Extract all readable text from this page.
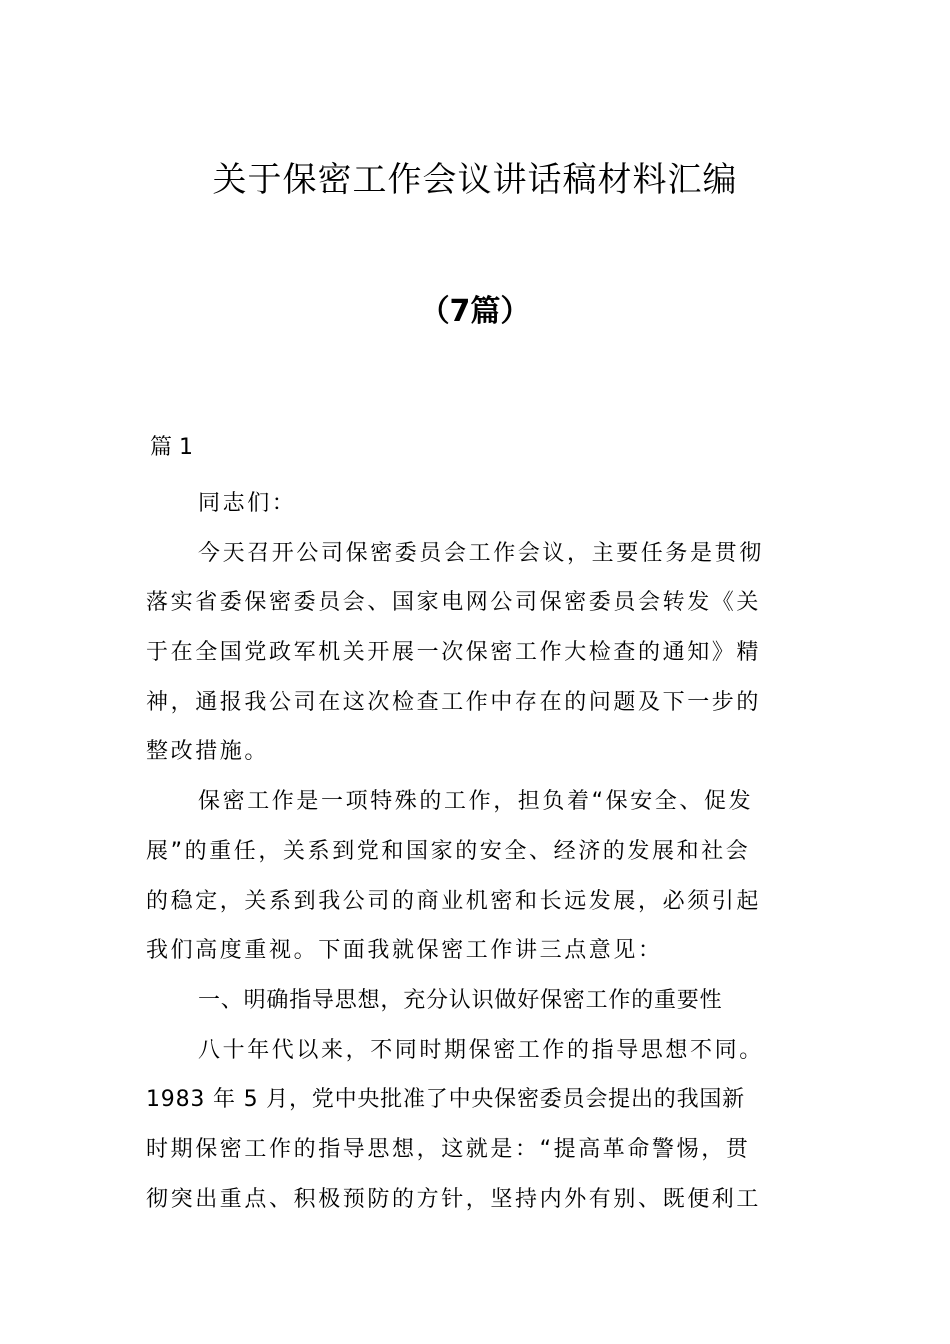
关于保密工作会议讲话稿材料汇编
（7篇）
篇 1
同志们：
今天召开公司保密委员会工作会议，主要任务是贯彻
落实省委保密委员会、国家电网公司保密委员会转发《关
于在全国党政军机关开展一次保密工作大检查的通知》精
神，通报我公司在这次检查工作中存在的问题及下一步的
整改措施。
保密工作是一项特殊的工作，担负着“保安全、促发
展”的重任，关系到党和国家的安全、经济的发展和社会
的稳定，关系到我公司的商业机密和长远发展，必须引起
我们高度重视。下面我就保密工作讲三点意见：
一、明确指导思想，充分认识做好保密工作的重要性
八十年代以来，不同时期保密工作的指导思想不同。
1983 年 5 月，党中央批准了中央保密委员会提出的我国新
时期保密工作的指导思想，这就是：“提高革命警惕，贯
彻突出重点、积极预防的方针，坚持内外有别、既便利工
